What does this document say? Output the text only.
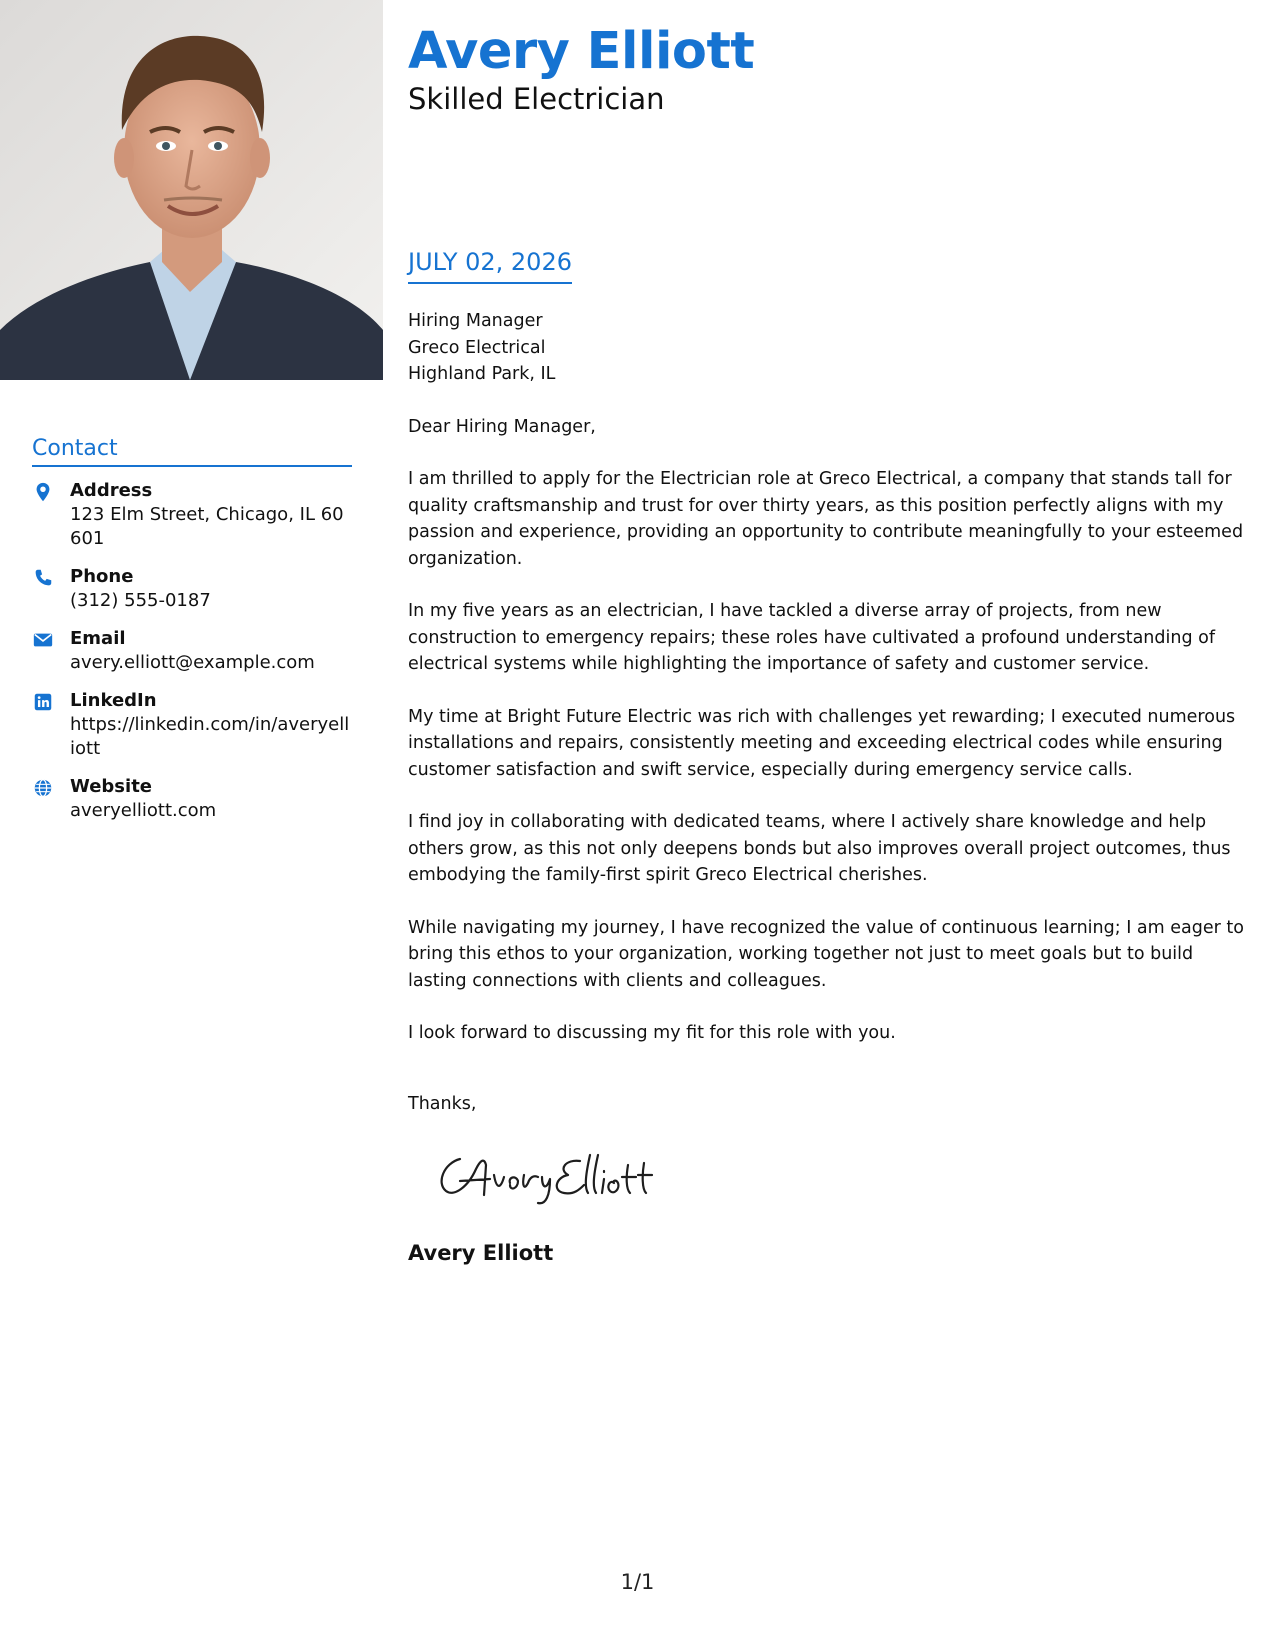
Avery Elliott
Skilled Electrician
Contact
Address
123 Elm Street, Chicago, IL 60601
Phone
(312) 555-0187
Email
avery.elliott@example.com
LinkedIn
https://linkedin.com/in/averyelliott
Website
averyelliott.com
JULY 02, 2026
Hiring Manager
Greco Electrical
Highland Park, IL

Dear Hiring Manager,

I am thrilled to apply for the Electrician role at Greco Electrical, a company that stands tall for quality craftsmanship and trust for over thirty years, as this position perfectly aligns with my passion and experience, providing an opportunity to contribute meaningfully to your esteemed organization.

In my five years as an electrician, I have tackled a diverse array of projects, from new construction to emergency repairs; these roles have cultivated a profound understanding of electrical systems while highlighting the importance of safety and customer service.

My time at Bright Future Electric was rich with challenges yet rewarding; I executed numerous installations and repairs, consistently meeting and exceeding electrical codes while ensuring customer satisfaction and swift service, especially during emergency service calls.

I find joy in collaborating with dedicated teams, where I actively share knowledge and help others grow, as this not only deepens bonds but also improves overall project outcomes, thus embodying the family-first spirit Greco Electrical cherishes.

While navigating my journey, I have recognized the value of continuous learning; I am eager to bring this ethos to your organization, working together not just to meet goals but to build lasting connections with clients and colleagues.

I look forward to discussing my fit for this role with you.

Thanks,
Avery Elliott
1/1
